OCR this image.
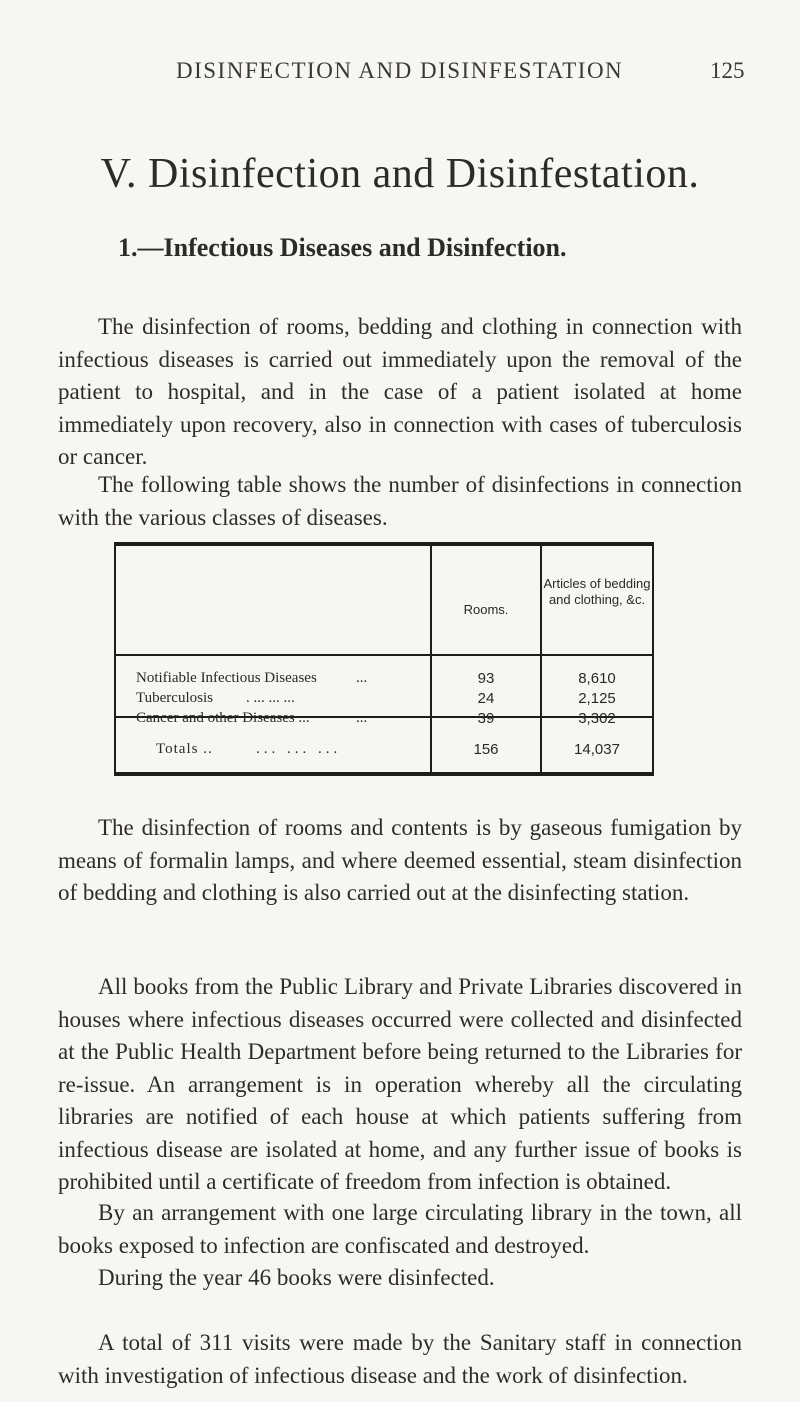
DISINFECTION AND DISINFESTATION	125
V. Disinfection and Disinfestation.
1.—Infectious Diseases and Disinfection.

The disinfection of rooms, bedding and clothing in connection with infectious diseases is carried out immediately upon the removal of the patient to hospital, and in the case of a patient isolated at home immediately upon recovery, also in connection with cases of tuberculosis or cancer.

The following table shows the number of disinfections in connection with the various classes of diseases.

Rooms.
Articles of bedding and clothing, &c.
Notifiable Infectious Diseases	...	93	8,610
Tuberculosis . ... ... ...	24	2,125
Cancer and other Diseases ...	...	39	3,302
Totals ..	... ... ...	156	14,037

The disinfection of rooms and contents is by gaseous fumigation by means of formalin lamps, and where deemed essential, steam disinfection of bedding and clothing is also carried out at the disinfecting station.

All books from the Public Library and Private Libraries discovered in houses where infectious diseases occurred were collected and disinfected at the Public Health Department before being returned to the Libraries for re-issue. An arrangement is in operation whereby all the circulating libraries are notified of each house at which patients suffering from infectious disease are isolated at home, and any further issue of books is prohibited until a certificate of freedom from infection is obtained.

By an arrangement with one large circulating library in the town, all books exposed to infection are confiscated and destroyed.

During the year 46 books were disinfected.

A total of 311 visits were made by the Sanitary staff in connection with investigation of infectious disease and the work of disinfection.
